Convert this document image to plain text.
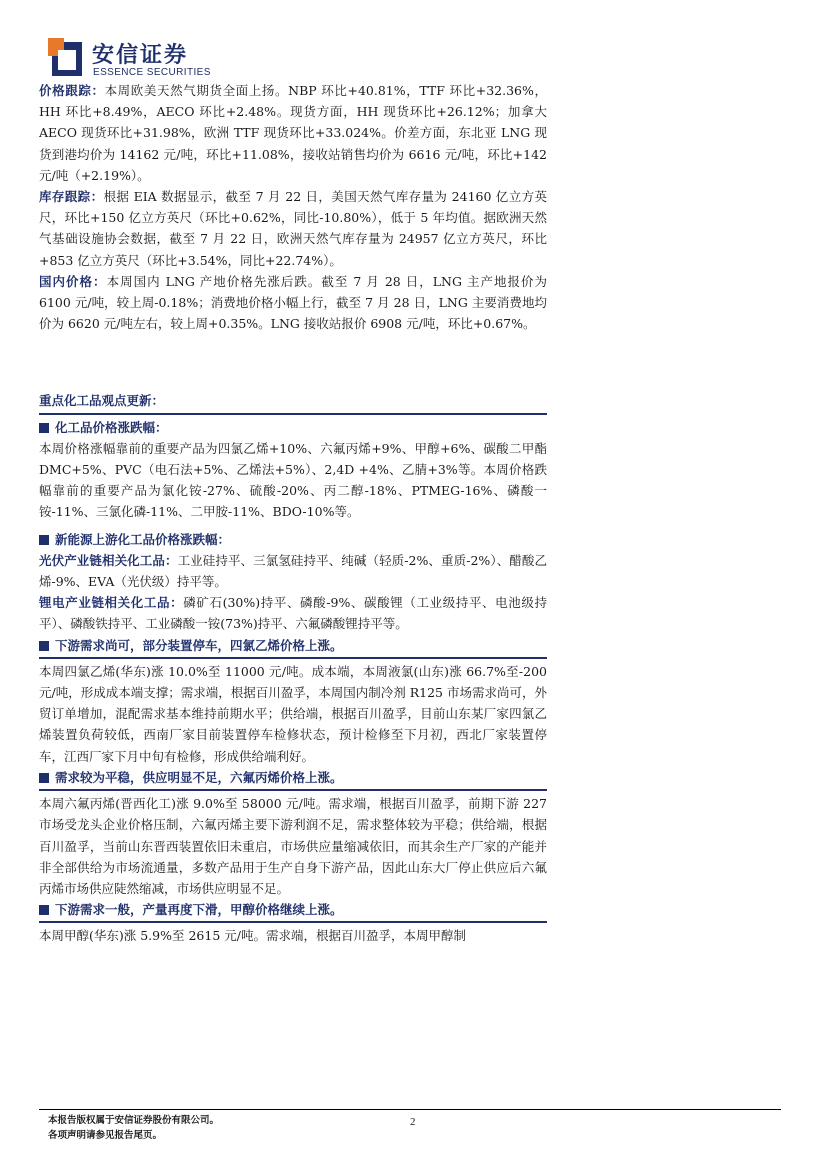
安信证券
ESSENCE SECURITIES

价格跟踪：本周欧美天然气期货全面上扬。NBP 环比+40.81%，TTF 环比+32.36%，HH 环比+8.49%，AECO 环比+2.48%。现货方面，HH 现货环比+26.12%；加拿大 AECO 现货环比+31.98%，欧洲 TTF 现货环比+33.024%。价差方面，东北亚 LNG 现货到港均价为 14162 元/吨，环比+11.08%，接收站销售均价为 6616 元/吨，环比+142 元/吨（+2.19%）。

库存跟踪：根据 EIA 数据显示，截至 7 月 22 日，美国天然气库存量为 24160 亿立方英尺，环比+150 亿立方英尺（环比+0.62%，同比-10.80%），低于 5 年均值。据欧洲天然气基础设施协会数据，截至 7 月 22 日，欧洲天然气库存量为 24957 亿立方英尺，环比+853 亿立方英尺（环比+3.54%，同比+22.74%）。

国内价格：本周国内 LNG 产地价格先涨后跌。截至 7 月 28 日，LNG 主产地报价为 6100 元/吨，较上周-0.18%；消费地价格小幅上行，截至 7 月 28 日，LNG 主要消费地均价为 6620 元/吨左右，较上周+0.35%。LNG 接收站报价 6908 元/吨，环比+0.67%。

重点化工品观点更新：

化工品价格涨跌幅：

本周价格涨幅靠前的重要产品为四氯乙烯+10%、六氟丙烯+9%、甲醇+6%、碳酸二甲酯 DMC+5%、PVC（电石法+5%、乙烯法+5%）、2,4D +4%、乙腈+3%等。本周价格跌幅靠前的重要产品为氯化铵-27%、硫酸-20%、丙二醇-18%、PTMEG-16%、磷酸一铵-11%、三氯化磷-11%、二甲胺-11%、BDO-10%等。

新能源上游化工品价格涨跌幅：

光伏产业链相关化工品：工业硅持平、三氯氢硅持平、纯碱（轻质-2%、重质-2%）、醋酸乙烯-9%、EVA（光伏级）持平等。

锂电产业链相关化工品：磷矿石(30%)持平、磷酸-9%、碳酸锂（工业级持平、电池级持平）、磷酸铁持平、工业磷酸一铵(73%)持平、六氟磷酸锂持平等。

下游需求尚可，部分装置停车，四氯乙烯价格上涨。

本周四氯乙烯(华东)涨 10.0%至 11000 元/吨。成本端，本周液氯(山东)涨 66.7%至-200 元/吨，形成成本端支撑；需求端，根据百川盈孚，本周国内制冷剂 R125 市场需求尚可，外贸订单增加，混配需求基本维持前期水平；供给端，根据百川盈孚，目前山东某厂家四氯乙烯装置负荷较低，西南厂家目前装置停车检修状态，预计检修至下月初，西北厂家装置停车，江西厂家下月中旬有检修，形成供给端利好。

需求较为平稳，供应明显不足，六氟丙烯价格上涨。

本周六氟丙烯(晋西化工)涨 9.0%至 58000 元/吨。需求端，根据百川盈孚，前期下游 227 市场受龙头企业价格压制，六氟丙烯主要下游利润不足，需求整体较为平稳；供给端，根据百川盈孚，当前山东晋西装置依旧未重启，市场供应量缩减依旧，而其余生产厂家的产能并非全部供给为市场流通量，多数产品用于生产自身下游产品，因此山东大厂停止供应后六氟丙烯市场供应陡然缩减，市场供应明显不足。

下游需求一般，产量再度下滑，甲醇价格继续上涨。

本周甲醇(华东)涨 5.9%至 2615 元/吨。需求端，根据百川盈孚，本周甲醇制

本报告版权属于安信证券股份有限公司。
各项声明请参见报告尾页。
2
